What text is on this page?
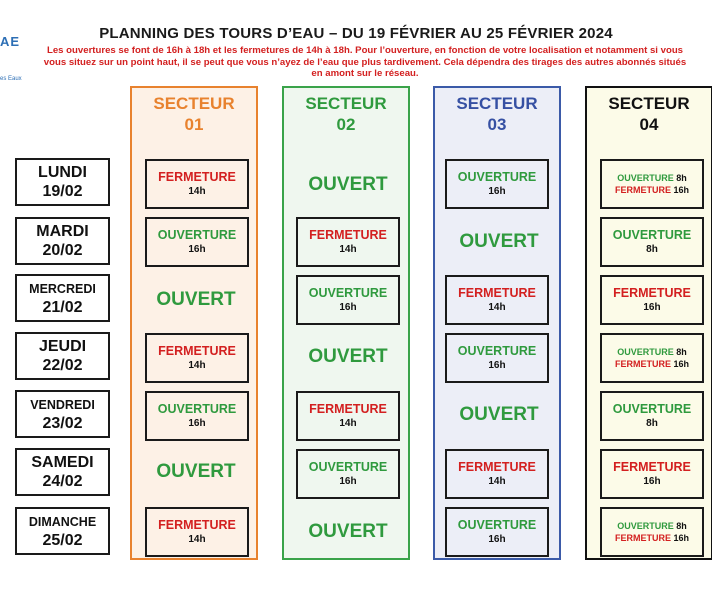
AE
es Eaux
PLANNING DES TOURS D’EAU – DU 19 FÉVRIER AU 25 FÉVRIER 2024
Les ouvertures se font de 16h à 18h et les fermetures de 14h à 18h. Pour l’ouverture, en fonction de votre localisation et notamment si vous vous situez sur un point haut, il se peut que vous n’ayez de l’eau que plus tardivement. Cela dépendra des tirages des autres abonnés situés en amont sur le réseau.
SECTEUR
01
SECTEUR
02
SECTEUR
03
SECTEUR
04
LUNDI
19/02
MARDI
20/02
MERCREDI
21/02
JEUDI
22/02
VENDREDI
23/02
SAMEDI
24/02
DIMANCHE
25/02
FERMETURE
14h
OUVERTURE
16h
OUVERT
FERMETURE
14h
OUVERTURE
16h
OUVERT
FERMETURE
14h
OUVERT
FERMETURE
14h
OUVERTURE
16h
OUVERT
FERMETURE
14h
OUVERTURE
16h
OUVERT
OUVERTURE
16h
OUVERT
FERMETURE
14h
OUVERTURE
16h
OUVERT
FERMETURE
14h
OUVERTURE
16h
OUVERTURE 8h
FERMETURE 16h
OUVERTURE
8h
FERMETURE
16h
OUVERTURE 8h
FERMETURE 16h
OUVERTURE
8h
FERMETURE
16h
OUVERTURE 8h
FERMETURE 16h
